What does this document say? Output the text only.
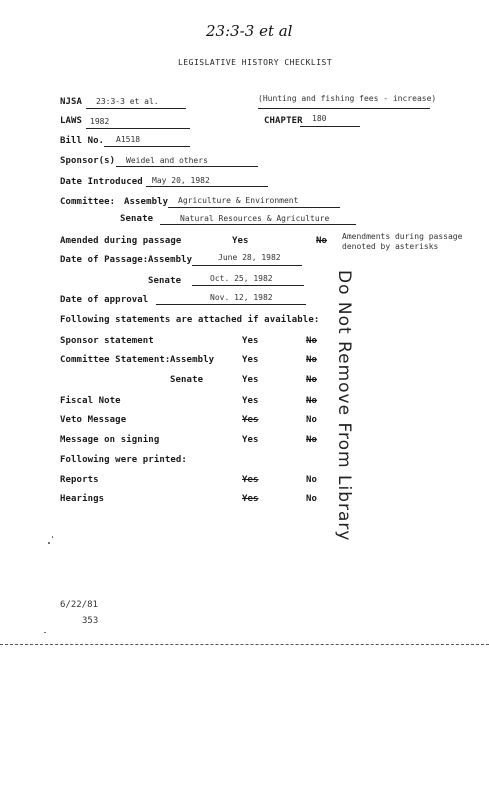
23:3-3 et al
LEGISLATIVE HISTORY CHECKLIST
NJSA 23:3-3 et al.	(Hunting and fishing fees - increase)
LAWS 1982	CHAPTER 180
Bill No. A1518
Sponsor(s) Weidel and others
Date Introduced May 20, 1982
Committee: Assembly Agriculture & Environment
Senate	Natural Resources & Agriculture
Amended during passage	Yes	No Amendments during passage
denoted by asterisks
Date of Passage: Assembly	June 28, 1982
Senate	Oct. 25, 1982
Date of approval	Nov. 12, 1982
Following statements are attached if available:
Sponsor statement	Yes	No
Committee Statement: Assembly	Yes	No
Senate	Yes	No
Fiscal Note	Yes	No
Veto Message	Yes	No
Message on signing	Yes	No
Following were printed:
Reports	Yes	No
Hearings	Yes	No Do Not Remove From Library
6/22/81
353
